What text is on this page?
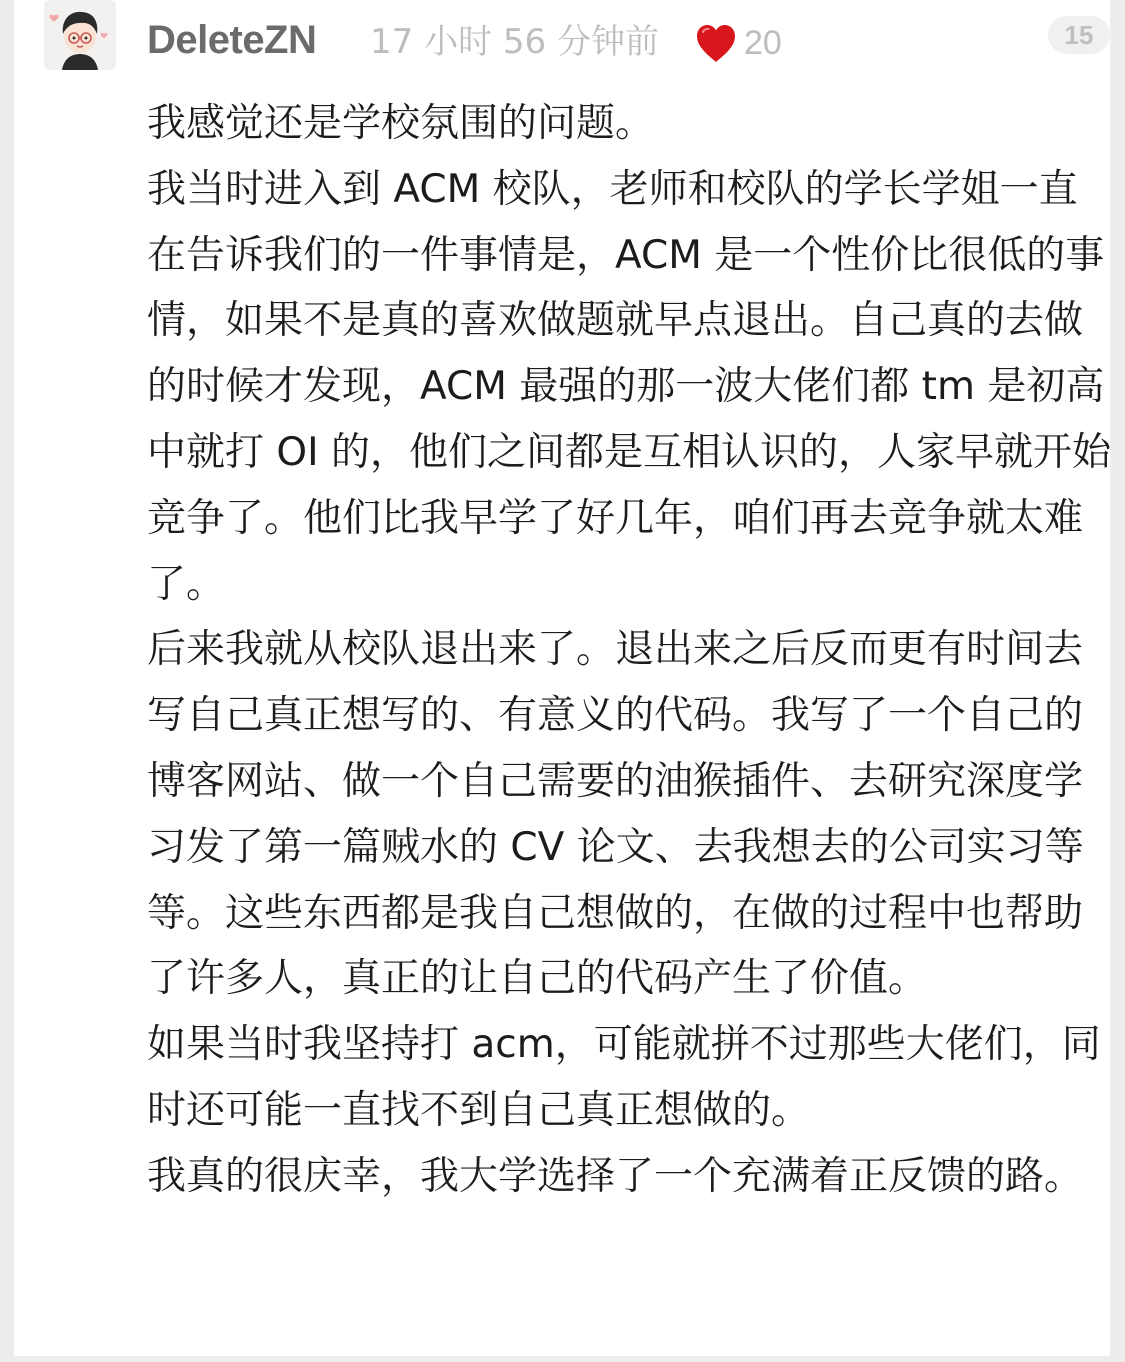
DeleteZN 17 小时 56 分钟前	20	15

我感觉还是学校氛围的问题。

我当时进入到 ACM 校队，老师和校队的学长学姐一直在告诉我们的一件事情是，ACM 是一个性价比很低的事情，如果不是真的喜欢做题就早点退出。自己真的去做的时候才发现，ACM 最强的那一波大佬们都 tm 是初高中就打 OI 的，他们之间都是互相认识的，人家早就开始竞争了。他们比我早学了好几年，咱们再去竞争就太难了。

后来我就从校队退出来了。退出来之后反而更有时间去写自己真正想写的、有意义的代码。我写了一个自己的博客网站、做一个自己需要的油猴插件、去研究深度学习发了第一篇贼水的 CV 论文、去我想去的公司实习等等。这些东西都是我自己想做的，在做的过程中也帮助了许多人，真正的让自己的代码产生了价值。

如果当时我坚持打 acm，可能就拼不过那些大佬们，同时还可能一直找不到自己真正想做的。

我真的很庆幸，我大学选择了一个充满着正反馈的路。
